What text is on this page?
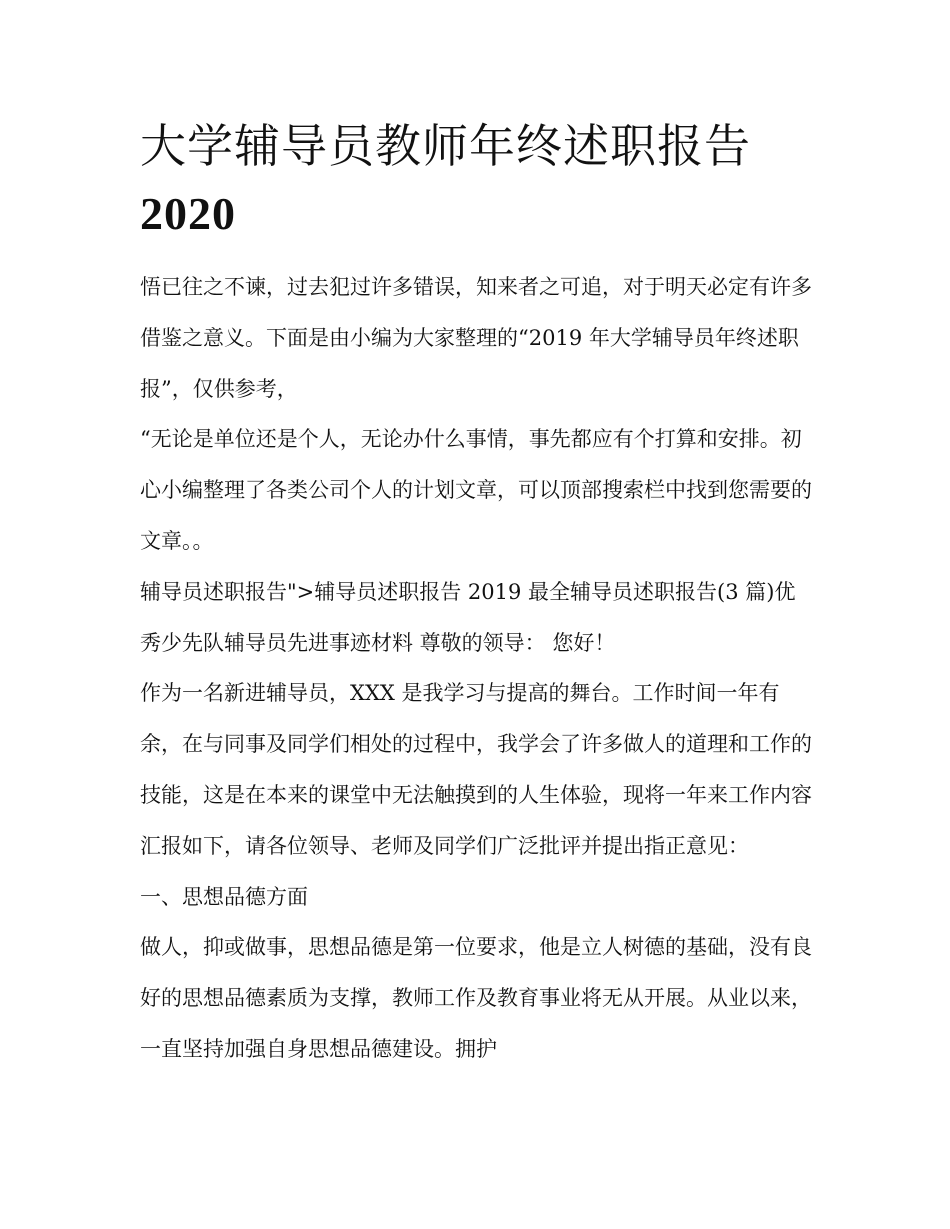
大学辅导员教师年终述职报告
2020

悟已往之不谏，过去犯过许多错误，知来者之可追，对于明天必定有许多借鉴之意义。下面是由小编为大家整理的“2019 年大学辅导员年终述职报”，仅供参考，

“无论是单位还是个人，无论办什么事情，事先都应有个打算和安排。初心小编整理了各类公司个人的计划文章，可以顶部搜索栏中找到您需要的文章。。

辅导员述职报告">辅导员述职报告 2019 最全辅导员述职报告(3 篇)优秀少先队辅导员先进事迹材料 尊敬的领导： 您好！

作为一名新进辅导员，XXX 是我学习与提高的舞台。工作时间一年有余，在与同事及同学们相处的过程中，我学会了许多做人的道理和工作的技能，这是在本来的课堂中无法触摸到的人生体验，现将一年来工作内容汇报如下，请各位领导、老师及同学们广泛批评并提出指正意见：

一、思想品德方面

做人，抑或做事，思想品德是第一位要求，他是立人树德的基础，没有良好的思想品德素质为支撑，教师工作及教育事业将无从开展。从业以来，一直坚持加强自身思想品德建设。拥护
